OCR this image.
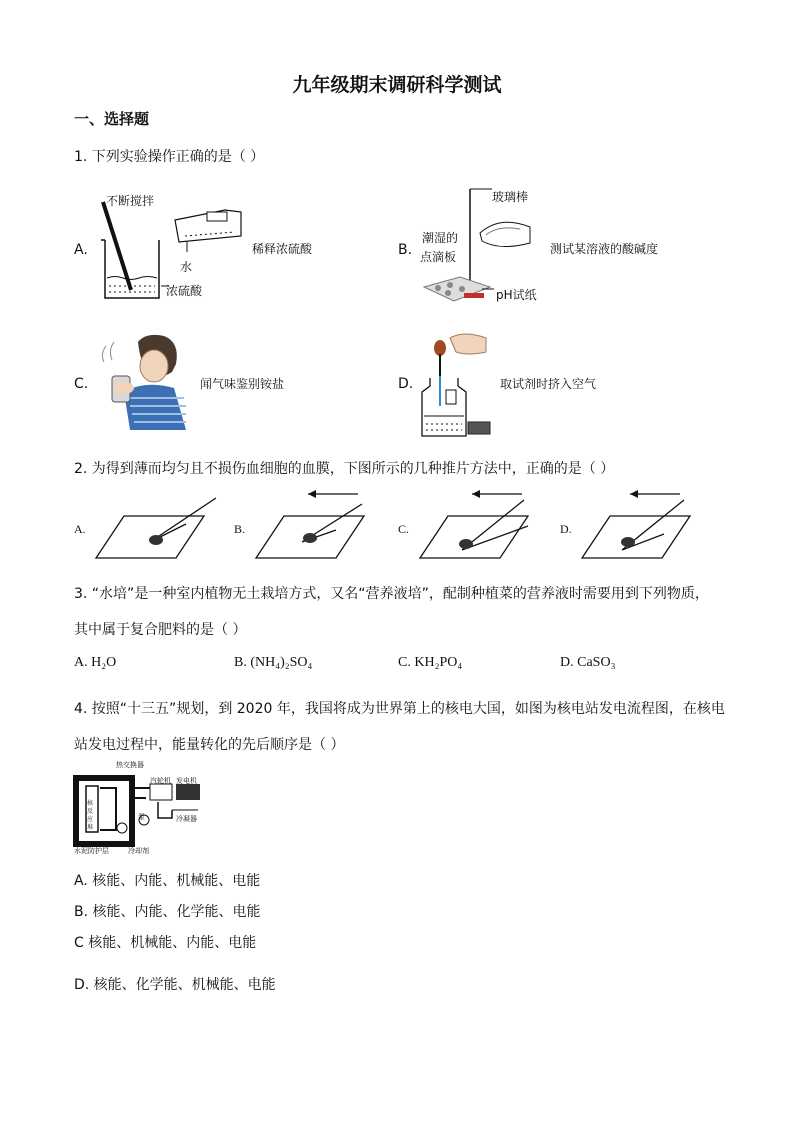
九年级期末调研科学测试
一、选择题
1. 下列实验操作正确的是（ ）
A.
不断搅拌
水
浓硫酸
稀释浓硫酸	B.
玻璃棒
潮湿的
点滴板
pH试纸
测试某溶液的酸碱度
C.	闻气味鉴别铵盐	D.	取试剂时挤入空气
2. 为得到薄而均匀且不损伤血细胞的血膜，下图所示的几种推片方法中，正确的是（ ）
A.	B.	C.	D.
3. “水培”是一种室内植物无土栽培方式，又名“营养液培”，配制种植菜的营养液时需要用到下列物质，
其中属于复合肥料的是（ ）
A. H₂O	B. (NH₄)₂SO₄	C. KH₂PO₄	D. CaSO₃
4. 按照“十三五”规划，到 2020 年，我国将成为世界第上的核电大国，如图为核电站发电流程图，在核电
站发电过程中，能量转化的先后顺序是（ ）
热交换器
汽轮机 发电机
核反应堆
泵	冷凝器
水泥防护层	冷却剂
A. 核能、内能、机械能、电能
B. 核能、内能、化学能、电能
C 核能、机械能、内能、电能
D. 核能、化学能、机械能、电能
